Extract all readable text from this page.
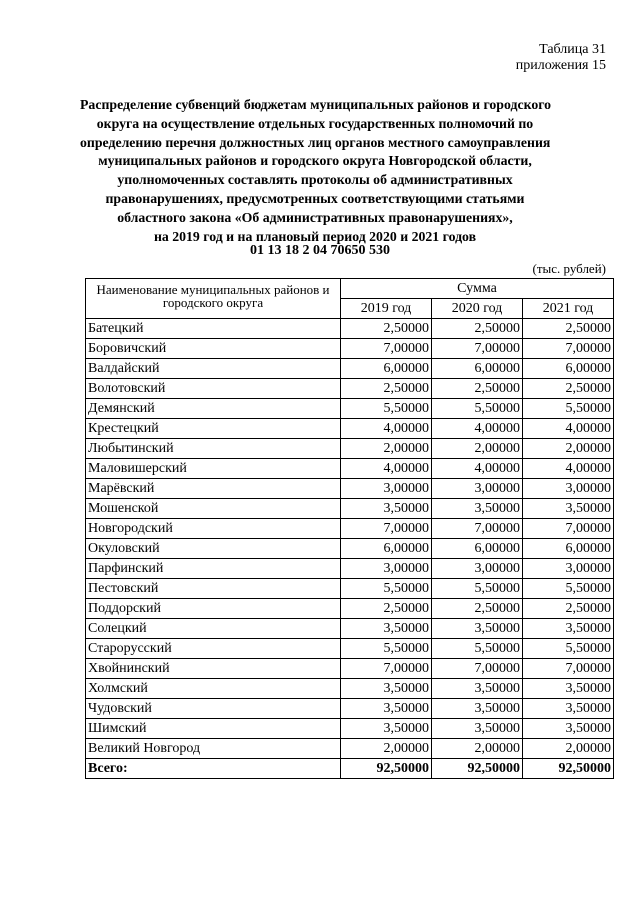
Таблица 31
приложения 15
Распределение субвенций бюджетам муниципальных районов и городского
округа на осуществление отдельных государственных полномочий по
определению перечня должностных лиц органов местного самоуправления
муниципальных районов и городского округа Новгородской области,
уполномоченных составлять протоколы об административных
правонарушениях, предусмотренных соответствующими статьями
областного закона «Об административных правонарушениях»,
на 2019 год и на плановый период 2020 и 2021 годов
01 13 18 2 04 70650 530
(тыс. рублей)
Наименование муниципальных районов и городского округа	Сумма		
	2019 год	2020 год	2021 год
Батецкий	2,50000	2,50000	2,50000
Боровичский	7,00000	7,00000	7,00000
Валдайский	6,00000	6,00000	6,00000
Волотовский	2,50000	2,50000	2,50000
Демянский	5,50000	5,50000	5,50000
Крестецкий	4,00000	4,00000	4,00000
Любытинский	2,00000	2,00000	2,00000
Маловишерский	4,00000	4,00000	4,00000
Марёвский	3,00000	3,00000	3,00000
Мошенской	3,50000	3,50000	3,50000
Новгородский	7,00000	7,00000	7,00000
Окуловский	6,00000	6,00000	6,00000
Парфинский	3,00000	3,00000	3,00000
Пестовский	5,50000	5,50000	5,50000
Поддорский	2,50000	2,50000	2,50000
Солецкий	3,50000	3,50000	3,50000
Старорусский	5,50000	5,50000	5,50000
Хвойнинский	7,00000	7,00000	7,00000
Холмский	3,50000	3,50000	3,50000
Чудовский	3,50000	3,50000	3,50000
Шимский	3,50000	3,50000	3,50000
Великий Новгород	2,00000	2,00000	2,00000
Всего:	92,50000	92,50000	92,50000
